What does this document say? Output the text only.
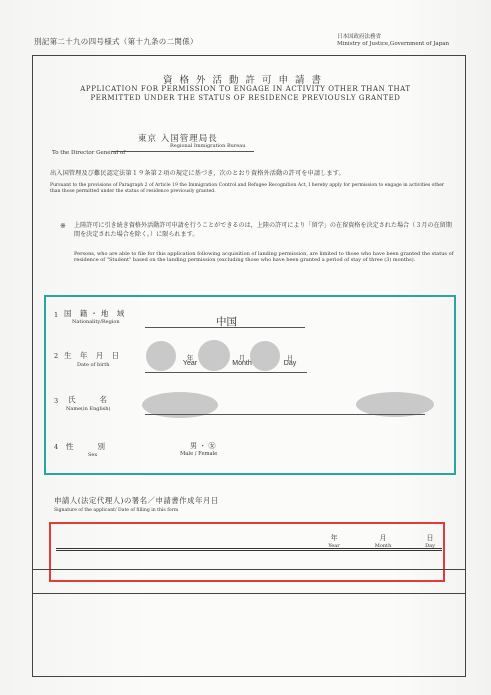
別記第二十九の四号様式（第十九条の二関係）	日本国政府法務省
Ministry of Justice,Government of Japan
資格外活動許可申請書
APPLICATION FOR PERMISSION TO ENGAGE IN ACTIVITY OTHER THAN THAT
PERMITTED UNDER THE STATUS OF RESIDENCE PREVIOUSLY GRANTED
東京 入国管理局長
Regional Immigration Bureau
To the Director General of
出入国管理及び難民認定法第１９条第２項の規定に基づき，次のとおり資格外活動の許可を申請します。
Pursuant to the provisions of Paragraph 2 of Article 19 the Immigration Control and Refugee Recognition Act, I hereby apply for permission to engage in activities other than those permitted under the status of residence previously granted.
※ 上陸許可に引き続き資格外活動許可申請を行うことができるのは，上陸の許可により「留学」の在留資格を決定された場合（３月の在留期間を決定された場合を除く。）に限られます。
Persons, who are able to file for this application following acquisition of landing permission, are limited to those who have been granted the status of residence of "Student" based on the landing permission (excluding those who have been granted a period of stay of three (3) months).
1 国 籍・地 域
Nationality/Region	中国
2 生 年 月 日
Date of birth
年
Year
月
Month
日
Day
3 氏　　名
Name(in English)
4 性　　別
Sex
男 ・ ㊛
Male / Female
申請人(法定代理人)の署名／申請書作成年月日
Signature of the applicant/ Date of filling in this form
年
Year
月
Month
日
Day
